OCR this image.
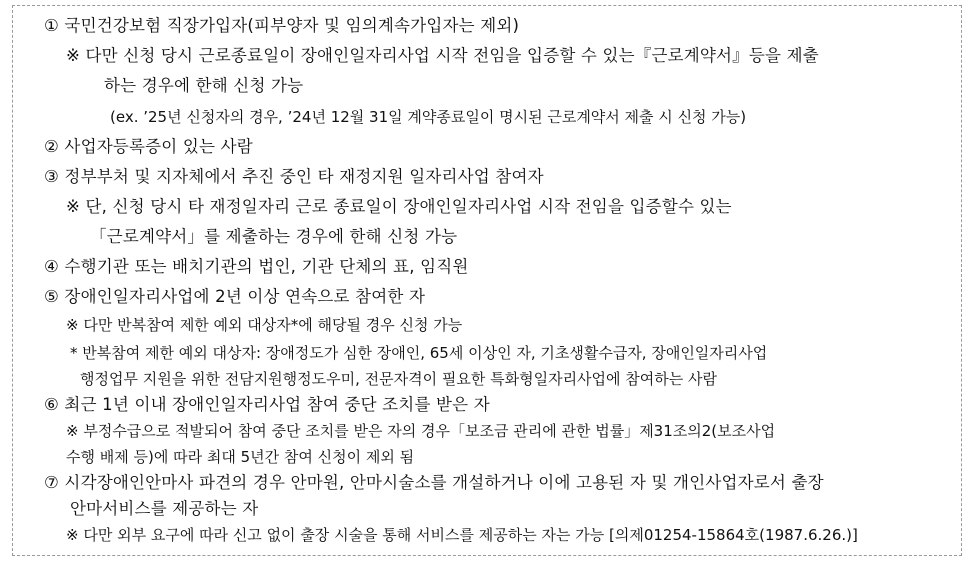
① 국민건강보험 직장가입자(피부양자 및 임의계속가입자는 제외)
※ 다만 신청 당시 근로종료일이 장애인일자리사업 시작 전임을 입증할 수 있는『근로계약서』등을 제출
하는 경우에 한해 신청 가능
(ex. ’25년 신청자의 경우, ’24년 12월 31일 계약종료일이 명시된 근로계약서 제출 시 신청 가능)
② 사업자등록증이 있는 사람
③ 정부부처 및 지자체에서 추진 중인 타 재정지원 일자리사업 참여자
※ 단, 신청 당시 타 재정일자리 근로 종료일이 장애인일자리사업 시작 전임을 입증할수 있는
「근로계약서」를 제출하는 경우에 한해 신청 가능
④ 수행기관 또는 배치기관의 법인, 기관 단체의 표, 임직원
⑤ 장애인일자리사업에 2년 이상 연속으로 참여한 자
※ 다만 반복참여 제한 예외 대상자*에 해당될 경우 신청 가능
* 반복참여 제한 예외 대상자: 장애정도가 심한 장애인, 65세 이상인 자, 기초생활수급자, 장애인일자리사업
행정업무 지원을 위한 전담지원행정도우미, 전문자격이 필요한 특화형일자리사업에 참여하는 사람
⑥ 최근 1년 이내 장애인일자리사업 참여 중단 조치를 받은 자
※ 부정수급으로 적발되어 참여 중단 조치를 받은 자의 경우「보조금 관리에 관한 법률」제31조의2(보조사업
수행 배제 등)에 따라 최대 5년간 참여 신청이 제외 됨
⑦ 시각장애인안마사 파견의 경우 안마원, 안마시술소를 개설하거나 이에 고용된 자 및 개인사업자로서 출장
안마서비스를 제공하는 자
※ 다만 외부 요구에 따라 신고 없이 출장 시술을 통해 서비스를 제공하는 자는 가능 [의제01254-15864호(1987.6.26.)]
